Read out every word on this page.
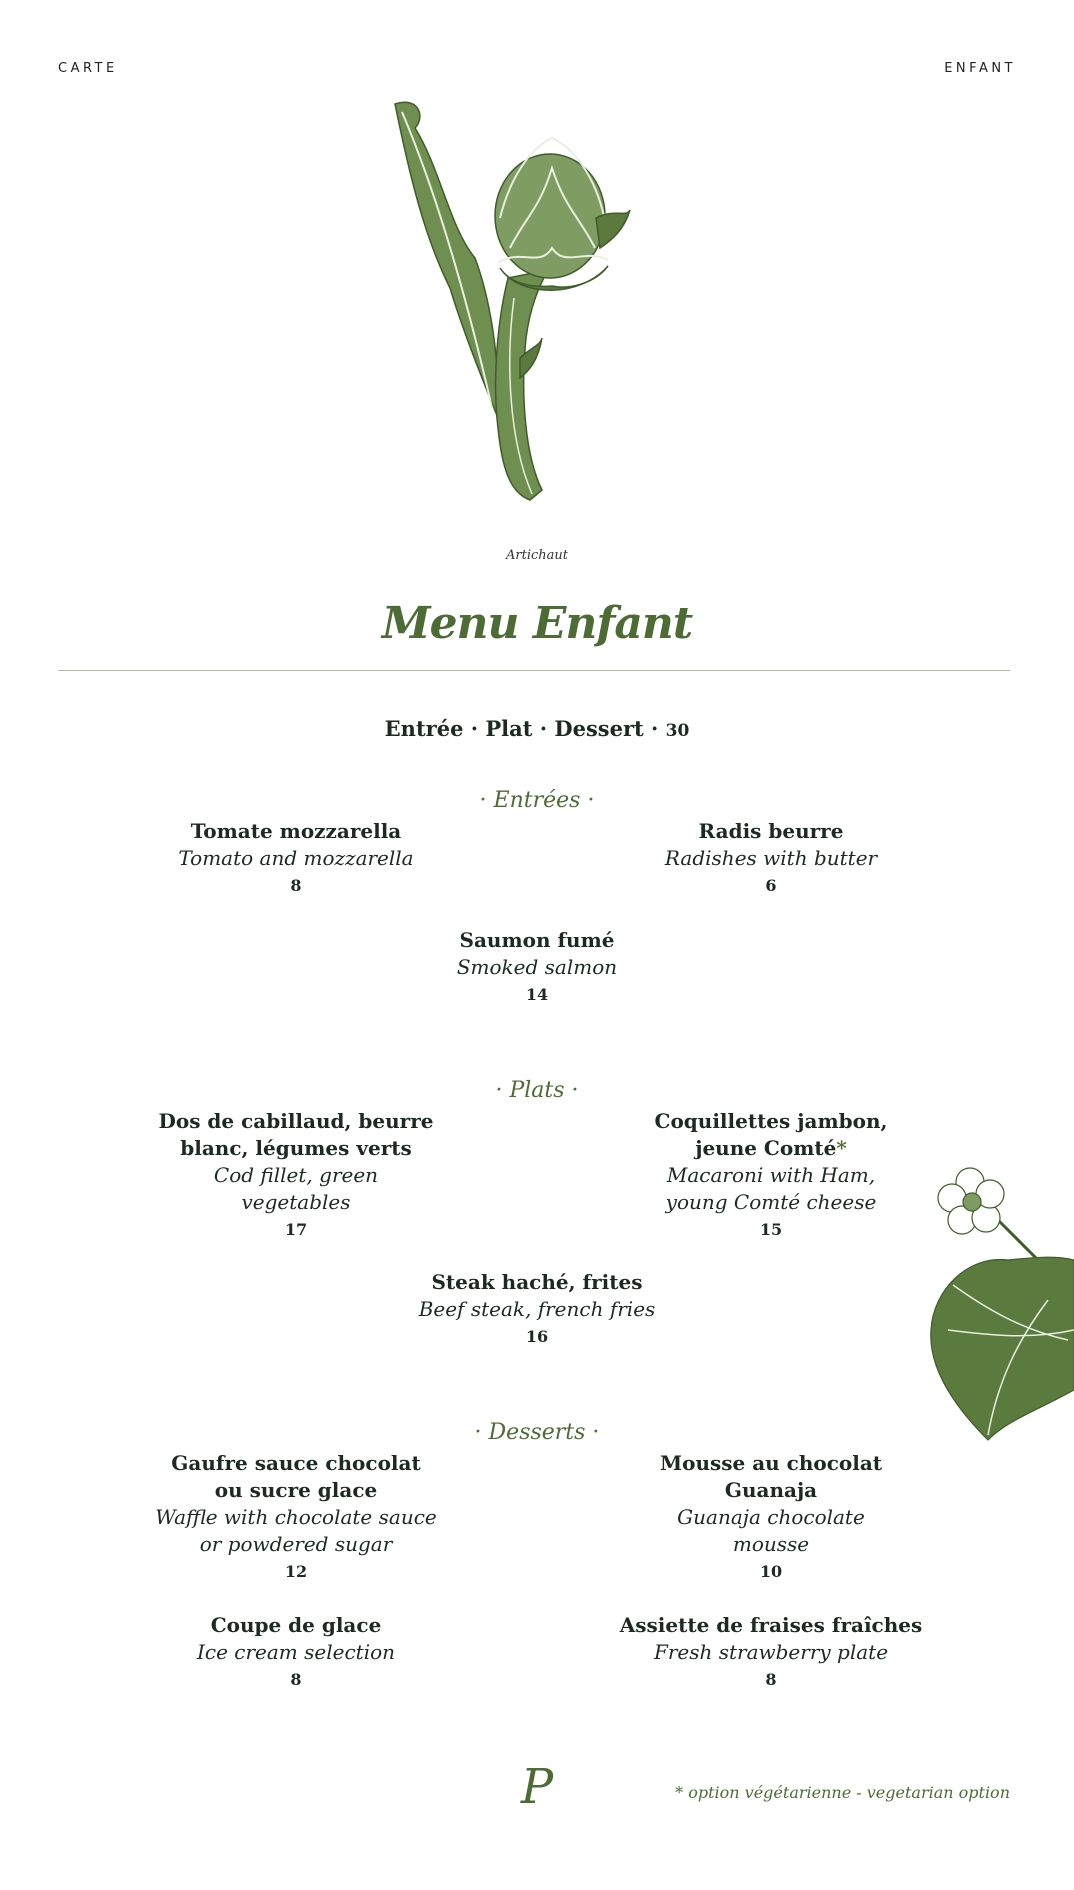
CARTE	ENFANT
Artichaut
Menu Enfant
Entrée · Plat · Dessert · 30
· Entrées ·
Tomate mozzarella
Tomato and mozzarella
8
Radis beurre
Radishes with butter
6
Saumon fumé
Smoked salmon
14
· Plats ·
Dos de cabillaud, beurre
blanc, légumes verts
Cod fillet, green
vegetables
17
Coquillettes jambon,
jeune Comté*
Macaroni with Ham,
young Comté cheese
15
Steak haché, frites
Beef steak, french fries
16
· Desserts ·
Gaufre sauce chocolat
ou sucre glace
Waffle with chocolate sauce
or powdered sugar
12
Mousse au chocolat
Guanaja
Guanaja chocolate
mousse
10
Coupe de glace
Ice cream selection
8
Assiette de fraises fraîches
Fresh strawberry plate
8
P	* option végétarienne - vegetarian option
